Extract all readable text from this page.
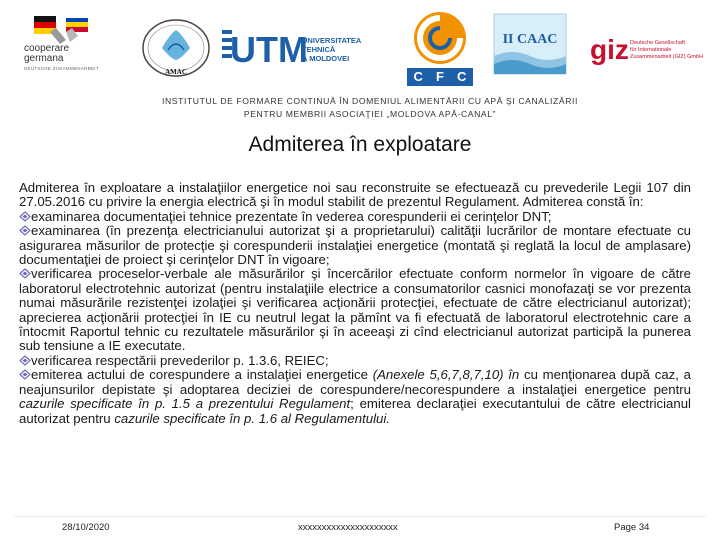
cooperare
germana
DEUTSCHE ZUSAMMENARBEIT	AMAC
UTM
UNIVERSITATEA TEHNICĂ
A MOLDOVEI
C F C
II CAAC	giz Deutsche Gesellschaft
für Internationale
Zusammenarbeit (GIZ) GmbH
INSTITUTUL DE FORMARE CONTINUĂ ÎN DOMENIUL ALIMENTĂRII CU APĂ ŞI CANALIZĂRII
PENTRU MEMBRII ASOCIAŢIEI „MOLDOVA APĂ-CANAL”
Admiterea în exploatare

Admiterea în exploatare a instalaţiilor energetice noi sau reconstruite se efectuează cu prevederile Legii 107 din 27.05.2016 cu privire la energia electrică şi în modul stabilit de prezentul Regulament. Admiterea constă în:

examinarea documentaţiei tehnice prezentate în vederea corespunderii ei cerinţelor DNT;

examinarea (în prezenţa electricianului autorizat şi a proprietarului) calităţii lucrărilor de montare efectuate cu asigurarea măsurilor de protecţie şi corespunderii instalaţiei energetice (montată şi reglată la locul de amplasare) documentaţiei de proiect şi cerinţelor DNT în vigoare;

verificarea proceselor-verbale ale măsurărilor şi încercărilor efectuate conform normelor în vigoare de către laboratorul electrotehnic autorizat (pentru instalaţiile electrice a consumatorilor casnici monofazaţi se vor prezenta numai măsurările rezistenţei izolaţiei şi verificarea acţionării protecţiei, efectuate de către electricianul autorizat); aprecierea acţionării protecţiei în IE cu neutrul legat la pămînt va fi efectuată de laboratorul electrotehnic care a întocmit Raportul tehnic cu rezultatele măsurărilor şi în aceeaşi zi cînd electricianul autorizat participă la punerea sub tensiune a IE executate.

verificarea respectării prevederilor p. 1.3.6, REIEC;

emiterea actului de corespundere a instalaţiei energetice (Anexele 5,6,7,8,7,10) în cu menţionarea după caz, a neajunsurilor depistate şi adoptarea deciziei de corespundere/necorespundere a instalaţiei energetice pentru cazurile specificate în p. 1.5 a prezentului Regulament; emiterea declaraţiei executantului de către electricianul autorizat pentru cazurile specificate în p. 1.6 al Regulamentului.

28/10/2020	xxxxxxxxxxxxxxxxxxxxx	Page 34
